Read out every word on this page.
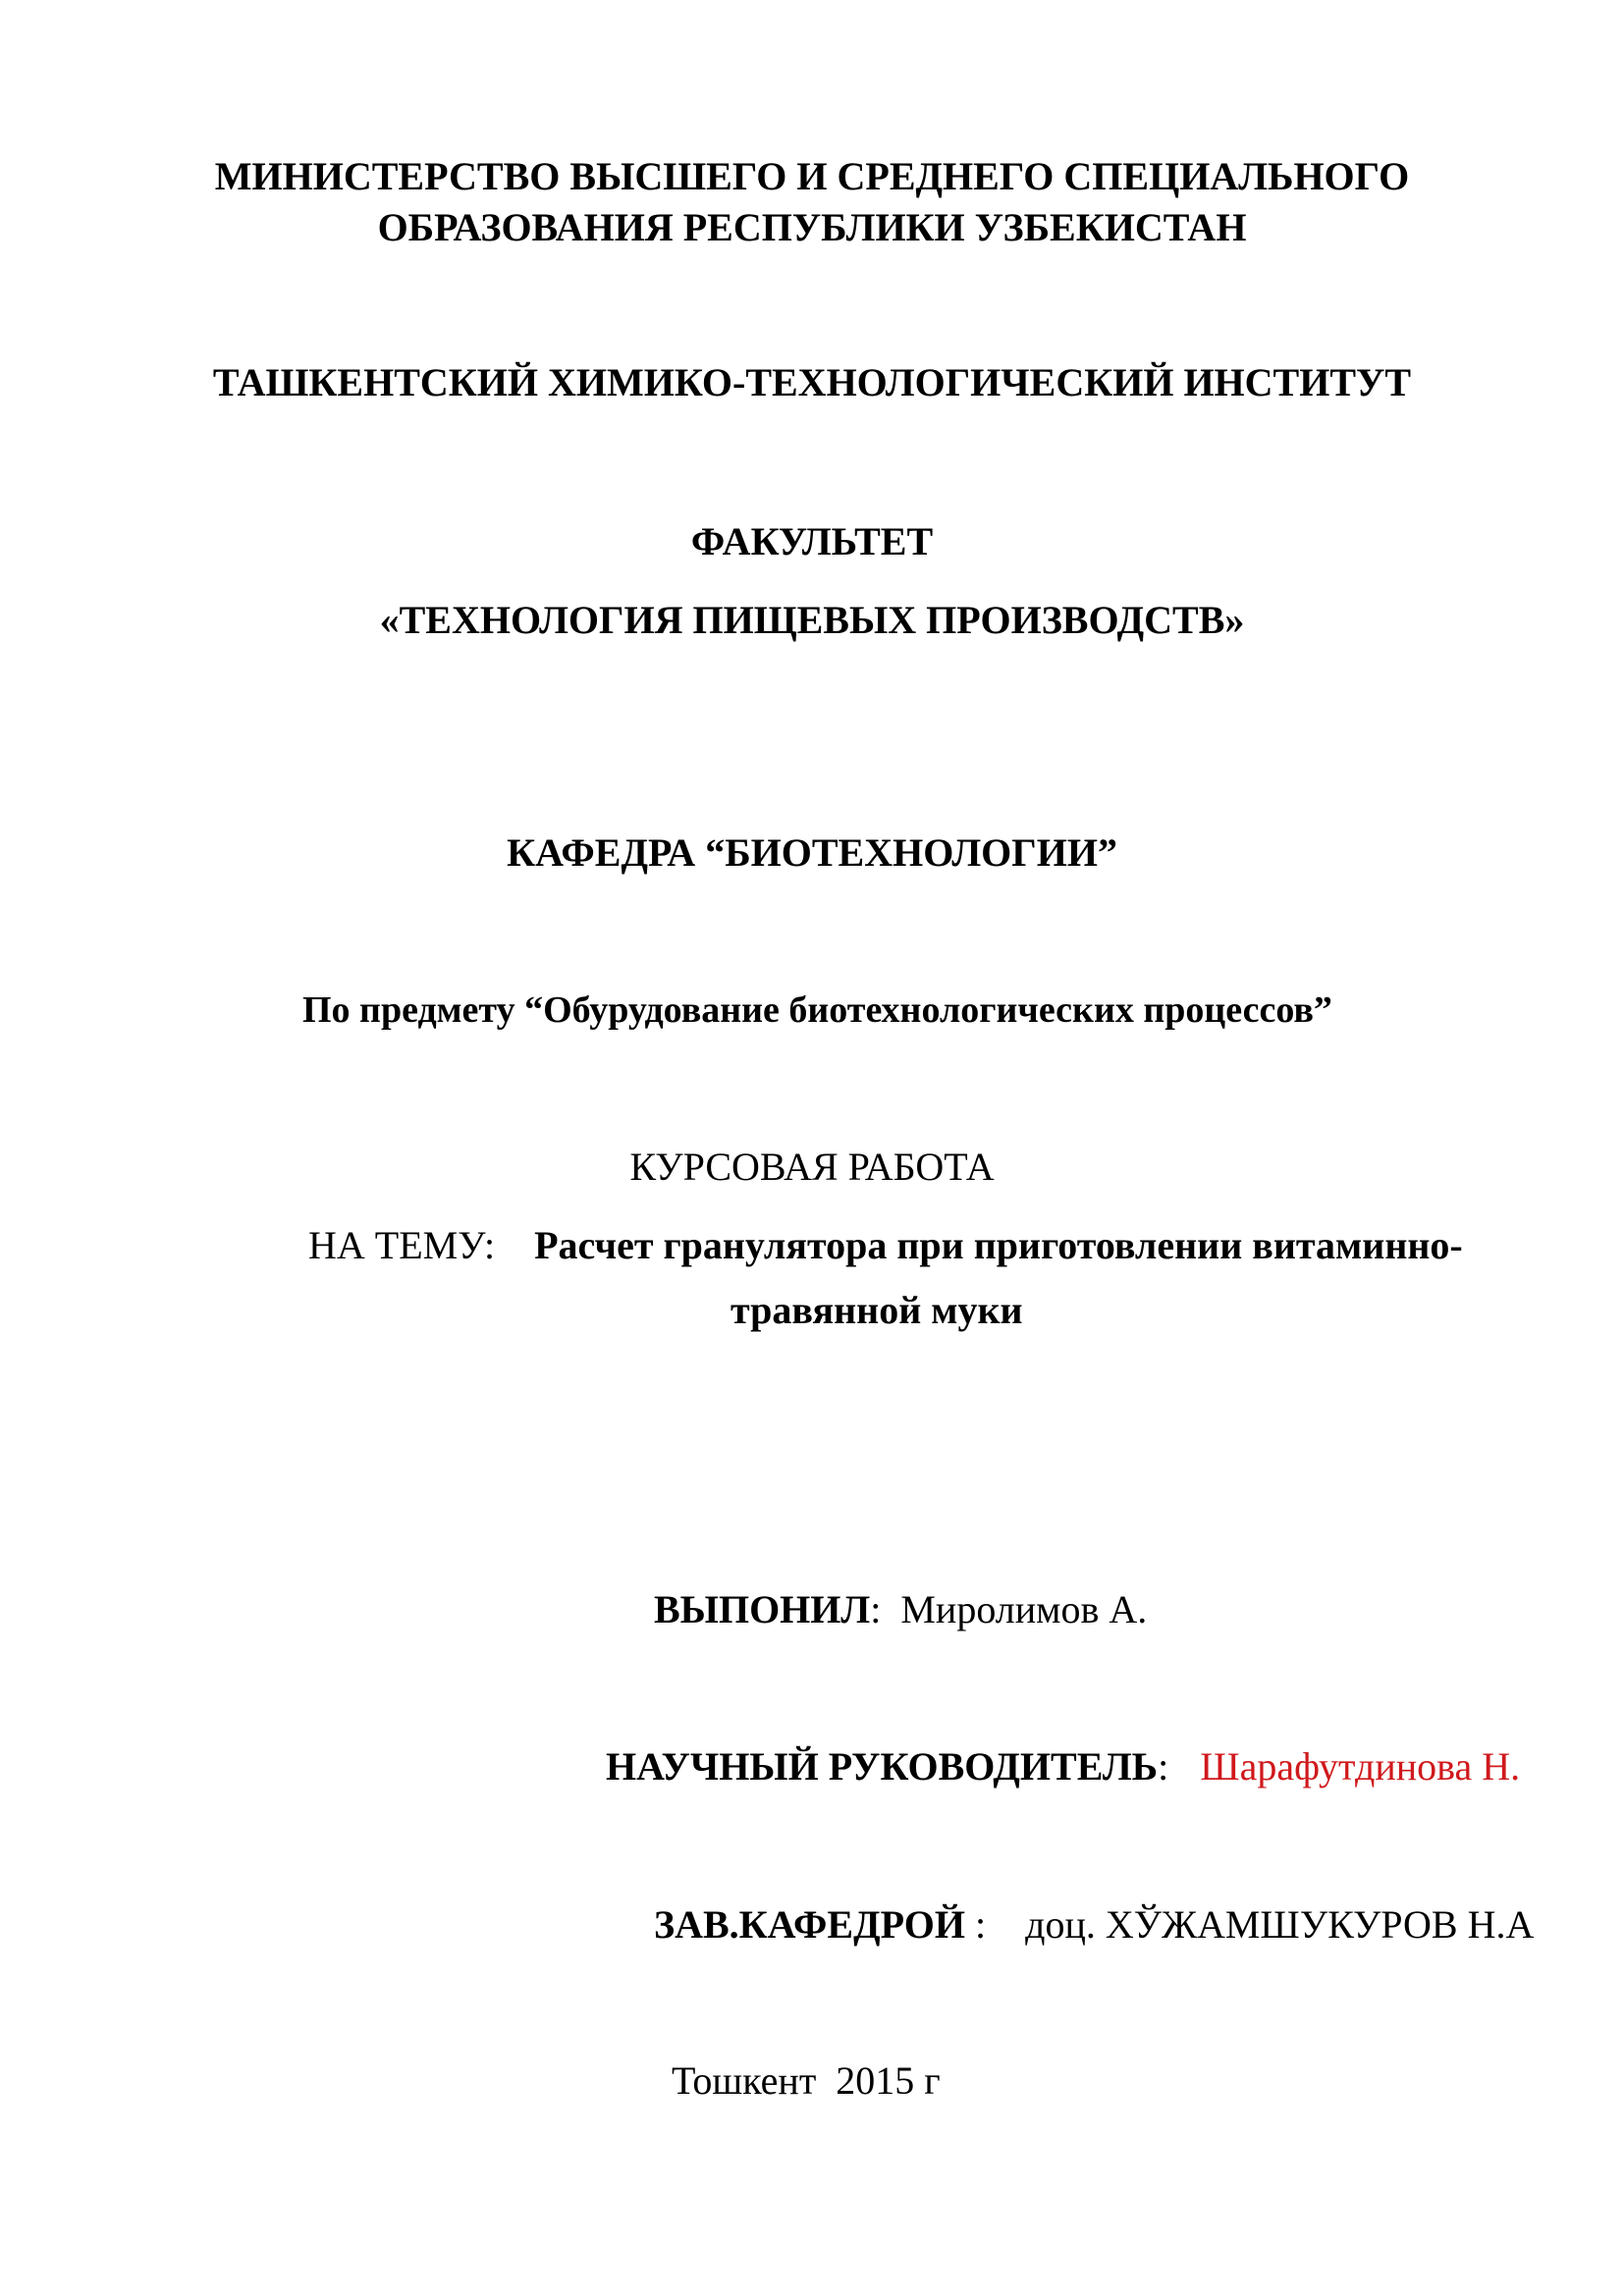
МИНИСТЕРСТВО ВЫСШЕГО И СРЕДНЕГО СПЕЦИАЛЬНОГО
ОБРАЗОВАНИЯ РЕСПУБЛИКИ УЗБЕКИСТАН
ТАШКЕНТСКИЙ ХИМИКО-ТЕХНОЛОГИЧЕСКИЙ ИНСТИТУТ
ФАКУЛЬТЕТ
«ТЕХНОЛОГИЯ ПИЩЕВЫХ ПРОИЗВОДСТВ»
КАФЕДРА “БИОТЕХНОЛОГИИ”
По предмету “Обурудование биотехнологических процессов”
КУРСОВАЯ РАБОТА
НА ТЕМУ: Расчет гранулятора при приготовлении витаминно-
травянной муки
ВЫПОНИЛ: Миролимов А.
НАУЧНЫЙ РУКОВОДИТЕЛЬ: Шарафутдинова Н.
ЗАВ.КАФЕДРОЙ : доц. ХЎЖАМШУКУРОВ Н.А
Тошкент  2015 г
